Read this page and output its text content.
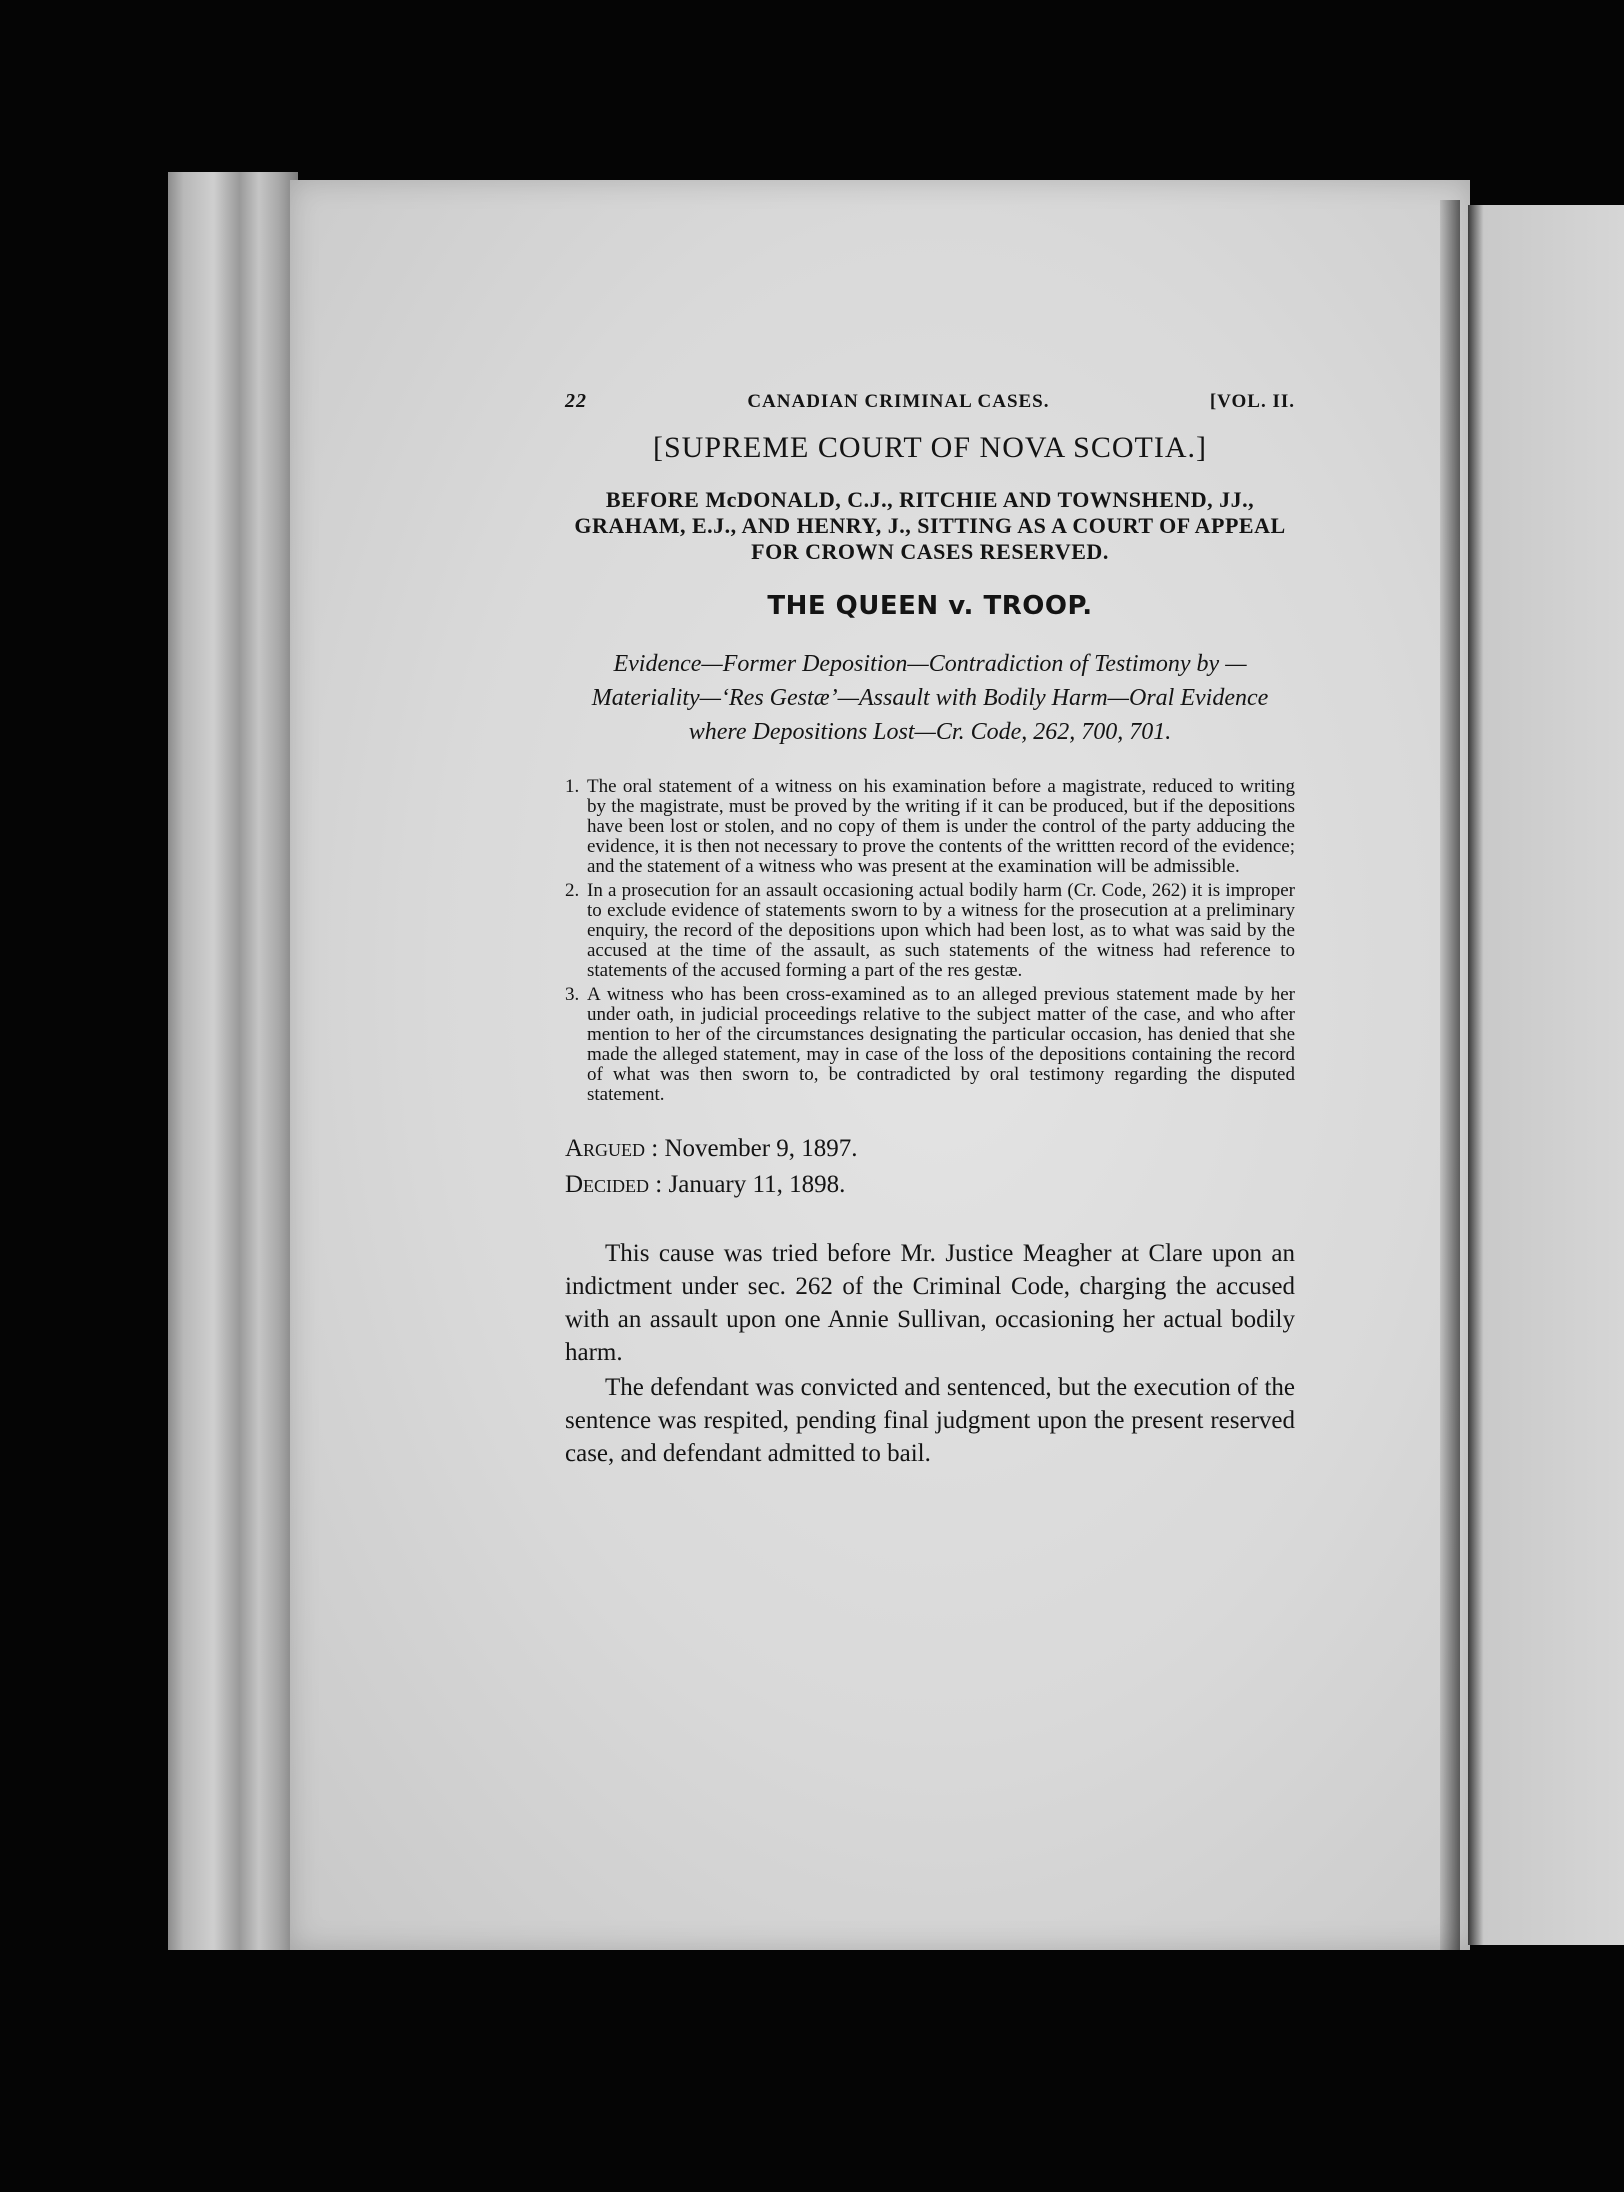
22	CANADIAN CRIMINAL CASES.	[VOL. II.
[SUPREME COURT OF NOVA SCOTIA.]
BEFORE McDONALD, C.J., RITCHIE AND TOWNSHEND, JJ., GRAHAM, E.J., AND HENRY, J., SITTING AS A COURT OF APPEAL FOR CROWN CASES RESERVED.
THE QUEEN v. TROOP.
Evidence—Former Deposition—Contradiction of Testimony by —Materiality—‘Res Gestæ’—Assault with Bodily Harm—Oral Evidence where Depositions Lost—Cr. Code, 262, 700, 701.
1. The oral statement of a witness on his examination before a magistrate, reduced to writing by the magistrate, must be proved by the writing if it can be produced, but if the depositions have been lost or stolen, and no copy of them is under the control of the party adducing the evidence, it is then not necessary to prove the contents of the writtten record of the evidence; and the statement of a witness who was present at the examination will be admissible.
2. In a prosecution for an assault occasioning actual bodily harm (Cr. Code, 262) it is improper to exclude evidence of statements sworn to by a witness for the prosecution at a preliminary enquiry, the record of the depositions upon which had been lost, as to what was said by the accused at the time of the assault, as such statements of the witness had reference to statements of the accused forming a part of the res gestæ.
3. A witness who has been cross-examined as to an alleged previous statement made by her under oath, in judicial proceedings relative to the subject matter of the case, and who after mention to her of the circumstances designating the particular occasion, has denied that she made the alleged statement, may in case of the loss of the depositions containing the record of what was then sworn to, be contradicted by oral testimony regarding the disputed statement.
Argued : November 9, 1897.
Decided : January 11, 1898.

This cause was tried before Mr. Justice Meagher at Clare upon an indictment under sec. 262 of the Criminal Code, charging the accused with an assault upon one Annie Sullivan, occasioning her actual bodily harm.

The defendant was convicted and sentenced, but the execution of the sentence was respited, pending final judgment upon the present reserved case, and defendant admitted to bail.
